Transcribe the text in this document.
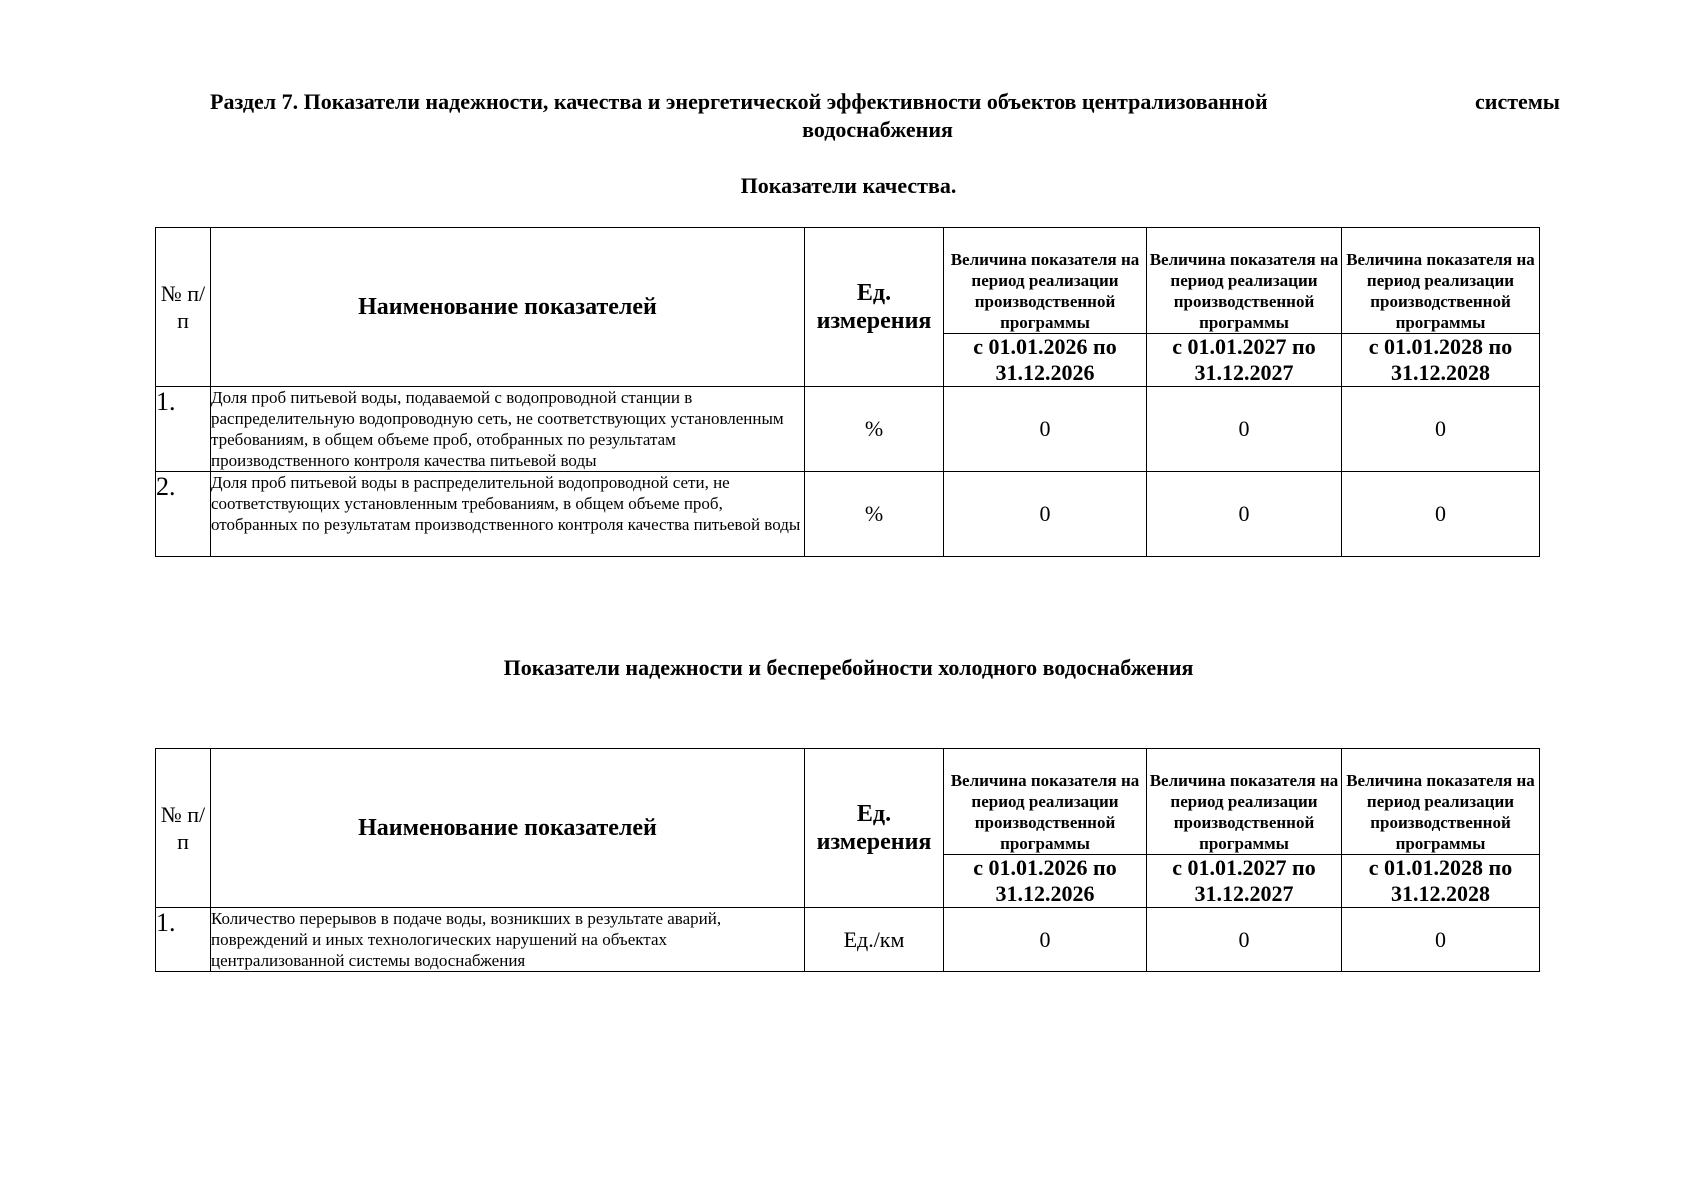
Раздел 7. Показатели надежности, качества и энергетической эффективности объектов централизованной	системы
водоснабжения
Показатели качества.
№ п/п	Наименование показателей	Ед. измерения	Величина показателя на период реализации производственной программы	Величина показателя на период реализации производственной программы	Величина показателя на период реализации производственной программы
			с 01.01.2026 по 31.12.2026	с 01.01.2027 по 31.12.2027	с 01.01.2028 по 31.12.2028
1.	Доля проб питьевой воды, подаваемой с водопроводной станции в распределительную водопроводную сеть, не соответствующих установленным требованиям, в общем объеме проб, отобранных по результатам производственного контроля качества питьевой воды	%	0	0	0
2.	Доля проб питьевой воды в распределительной водопроводной сети, не соответствующих установленным требованиям, в общем объеме проб, отобранных по результатам производственного контроля качества питьевой воды	%	0	0	0
Показатели надежности и бесперебойности холодного водоснабжения
№ п/п	Наименование показателей	Ед. измерения	Величина показателя на период реализации производственной программы	Величина показателя на период реализации производственной программы	Величина показателя на период реализации производственной программы
			с 01.01.2026 по 31.12.2026	с 01.01.2027 по 31.12.2027	с 01.01.2028 по 31.12.2028
1.	Количество перерывов в подаче воды, возникших в результате аварий, повреждений и иных технологических нарушений на объектах централизованной системы водоснабжения	Ед./км	0	0	0
